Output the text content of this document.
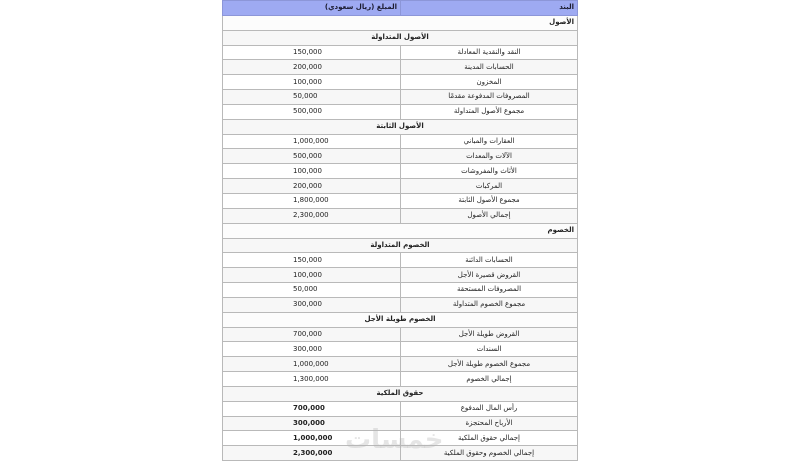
البند	المبلغ (ريال سعودي)
الأصول	
الأصول المتداولة	
النقد والنقدية المعادلة	150,000
الحسابات المدينة	200,000
المخزون	100,000
المصروفات المدفوعة مقدمًا	50,000
مجموع الأصول المتداولة	500,000
الأصول الثابتة	
العقارات والمباني	1,000,000
الآلات والمعدات	500,000
الأثاث والمفروشات	100,000
المركبات	200,000
مجموع الأصول الثابتة	1,800,000
إجمالي الأصول	2,300,000
الخصوم	
الخصوم المتداولة	
الحسابات الدائنة	150,000
القروض قصيرة الأجل	100,000
المصروفات المستحقة	50,000
مجموع الخصوم المتداولة	300,000
الخصوم طويلة الأجل	
القروض طويلة الأجل	700,000
السندات	300,000
مجموع الخصوم طويلة الأجل	1,000,000
إجمالي الخصوم	1,300,000
حقوق الملكية	
رأس المال المدفوع	700,000
الأرباح المحتجزة	300,000
إجمالي حقوق الملكية	1,000,000
إجمالي الخصوم وحقوق الملكية	2,300,000 خمسات
